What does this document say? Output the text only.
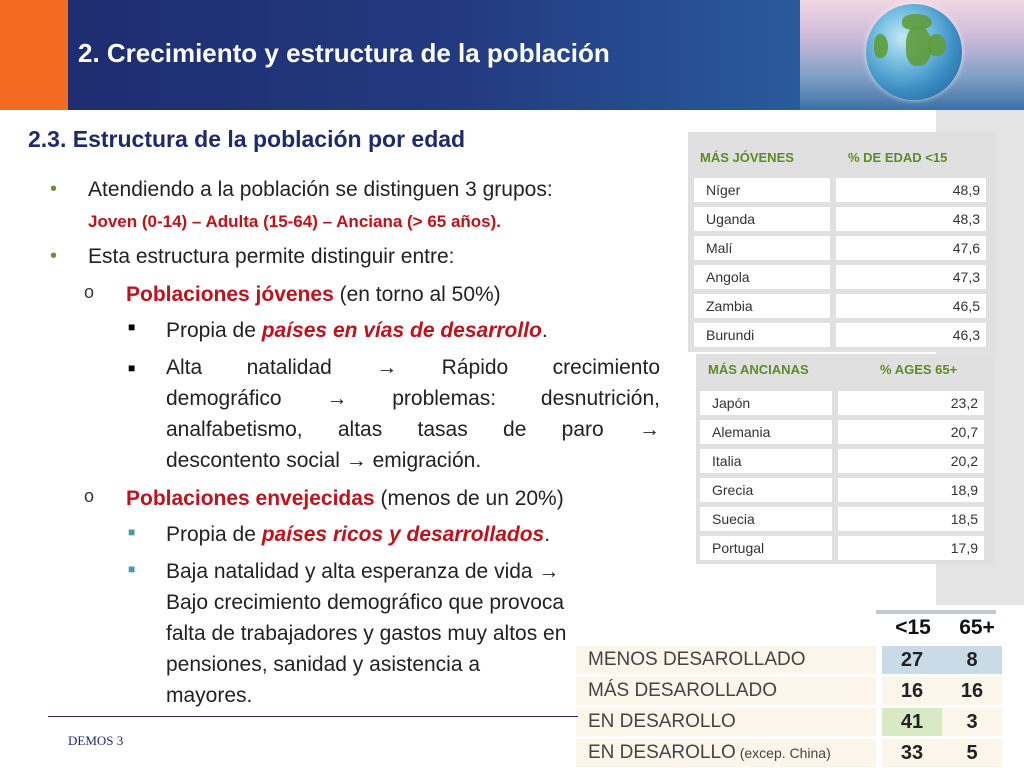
2. Crecimiento y estructura de la población
2.3. Estructura de la población por edad
• Atendiendo a la población se distinguen 3 grupos:
Joven (0-14) – Adulta (15-64) – Anciana (> 65 años).
• Esta estructura permite distinguir entre:
o Poblaciones jóvenes (en torno al 50%)
■ Propia de países en vías de desarrollo.
■ Alta natalidad → Rápido crecimiento
demográfico → problemas: desnutrición,
analfabetismo, altas tasas de paro →
descontento social → emigración.
o Poblaciones envejecidas (menos de un 20%)
■ Propia de países ricos y desarrollados.
■ Baja natalidad y alta esperanza de vida →
Bajo crecimiento demográfico que provoca
falta de trabajadores y gastos muy altos en
pensiones, sanidad y asistencia a
mayores.
MÁS JÓVENES	% DE EDAD <15
Níger	48,9
Uganda	48,3
Malí	47,6
Angola	47,3
Zambia	46,5
Burundi	46,3
MÁS ANCIANAS	% AGES 65+
Japón	23,2
Alemania	20,7
Italia	20,2
Grecia	18,9
Suecia	18,5
Portugal	17,9
<15	65+
MENOS DESAROLLADO	27	8
MÁS DESAROLLADO	16	16
EN DESAROLLO	41	3
EN DESAROLLO (excep. China)	33	5
DEMOS 3
